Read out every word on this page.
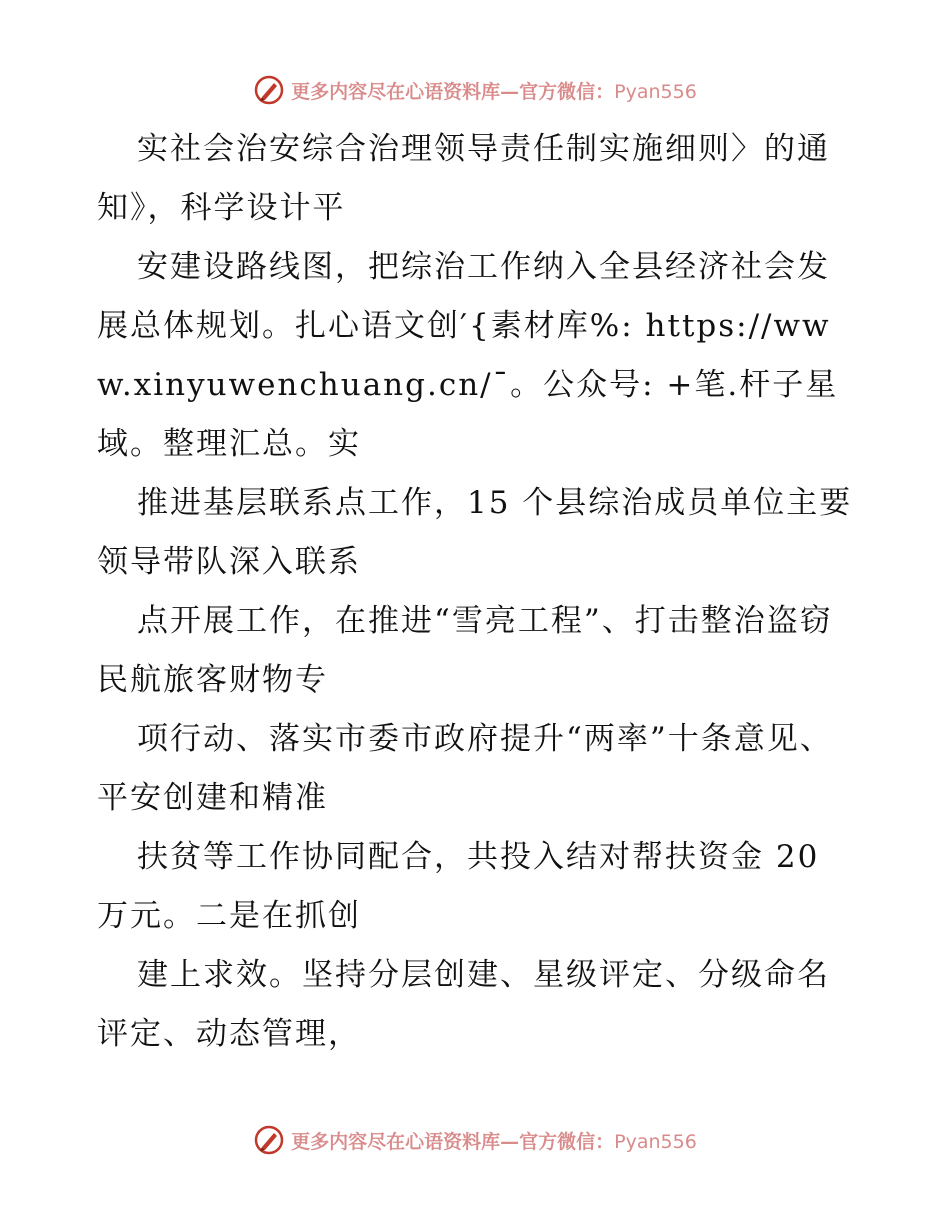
更多内容尽在心语资料库—官方微信：Pyan556

实社会治安综合治理领导责任制实施细则〉的通知》，科学设计平

安建设路线图，把综治工作纳入全县经济社会发展总体规划。扎心语文创′{素材库%: https://www.xinyuwenchuang.cn/¯。公众号: +笔.杆子星域。整理汇总。实

推进基层联系点工作，15 个县综治成员单位主要领导带队深入联系

点开展工作，在推进“雪亮工程”、打击整治盗窃民航旅客财物专

项行动、落实市委市政府提升“两率”十条意见、平安创建和精准

扶贫等工作协同配合，共投入结对帮扶资金 20 万元。二是在抓创

建上求效。坚持分层创建、星级评定、分级命名评定、动态管理，

更多内容尽在心语资料库—官方微信：Pyan556
